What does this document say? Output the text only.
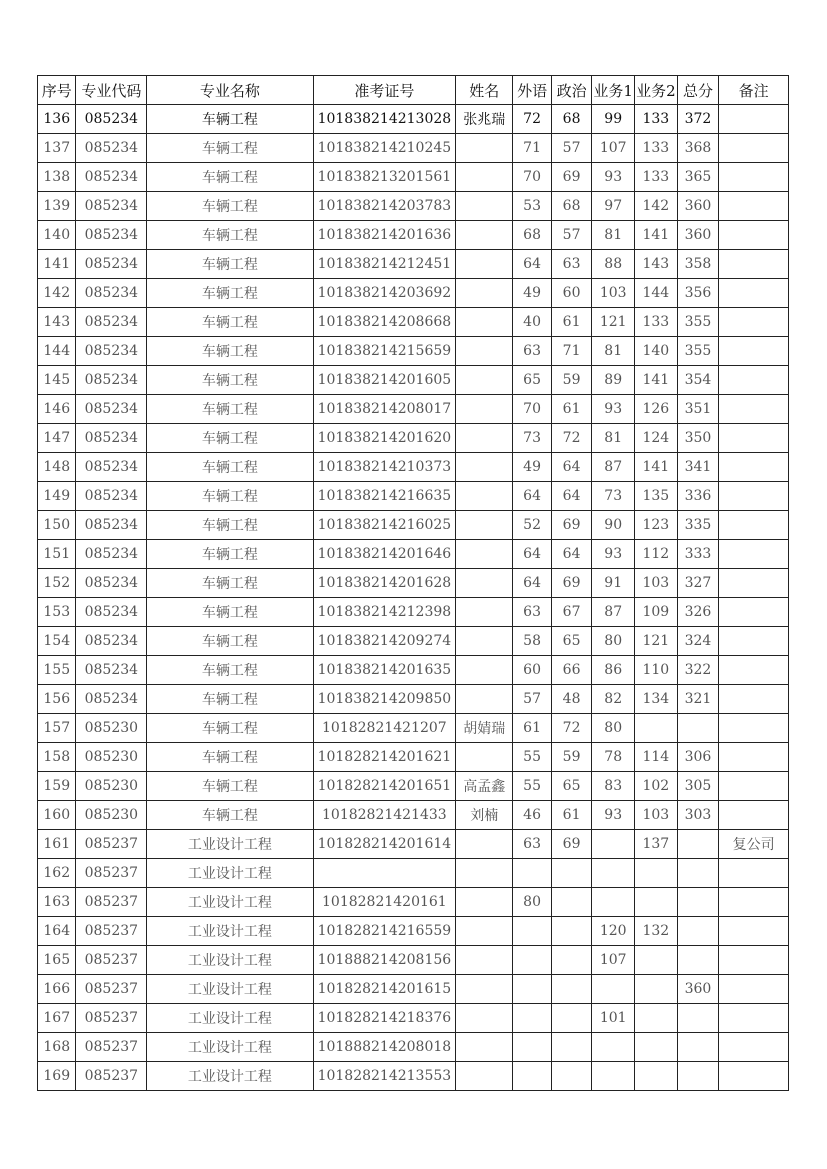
序号	专业代码	专业名称	准考证号	姓名	外语	政治	业务1	业务2	总分	备注
136	085234	车辆工程	101838214213028	张兆瑞	72	68	99	133	372	
137	085234	车辆工程	101838214210245		71	57	107	133	368	
138	085234	车辆工程	101838213201561		70	69	93	133	365	
139	085234	车辆工程	101838214203783		53	68	97	142	360	
140	085234	车辆工程	101838214201636		68	57	81	141	360	
141	085234	车辆工程	101838214212451		64	63	88	143	358	
142	085234	车辆工程	101838214203692		49	60	103	144	356	
143	085234	车辆工程	101838214208668		40	61	121	133	355	
144	085234	车辆工程	101838214215659		63	71	81	140	355	
145	085234	车辆工程	101838214201605		65	59	89	141	354	
146	085234	车辆工程	101838214208017		70	61	93	126	351	
147	085234	车辆工程	101838214201620		73	72	81	124	350	
148	085234	车辆工程	101838214210373		49	64	87	141	341	
149	085234	车辆工程	101838214216635		64	64	73	135	336	
150	085234	车辆工程	101838214216025		52	69	90	123	335	
151	085234	车辆工程	101838214201646		64	64	93	112	333	
152	085234	车辆工程	101838214201628		64	69	91	103	327	
153	085234	车辆工程	101838214212398		63	67	87	109	326	
154	085234	车辆工程	101838214209274		58	65	80	121	324	
155	085234	车辆工程	101838214201635		60	66	86	110	322	
156	085234	车辆工程	101838214209850		57	48	82	134	321	
157	085230	车辆工程	10182821421207	胡婧瑞	61	72	80			
158	085230	车辆工程	101828214201621		55	59	78	114	306	
159	085230	车辆工程	101828214201651	高孟鑫	55	65	83	102	305	
160	085230	车辆工程	10182821421433	刘楠	46	61	93	103	303	
161	085237	工业设计工程	101828214201614		63	69		137		复公司
162	085237	工业设计工程								
163	085237	工业设计工程	10182821420161		80					
164	085237	工业设计工程	101828214216559				120	132		
165	085237	工业设计工程	101888214208156				107			
166	085237	工业设计工程	101828214201615						360	
167	085237	工业设计工程	101828214218376				101			
168	085237	工业设计工程	101888214208018							
169	085237	工业设计工程	101828214213553							
